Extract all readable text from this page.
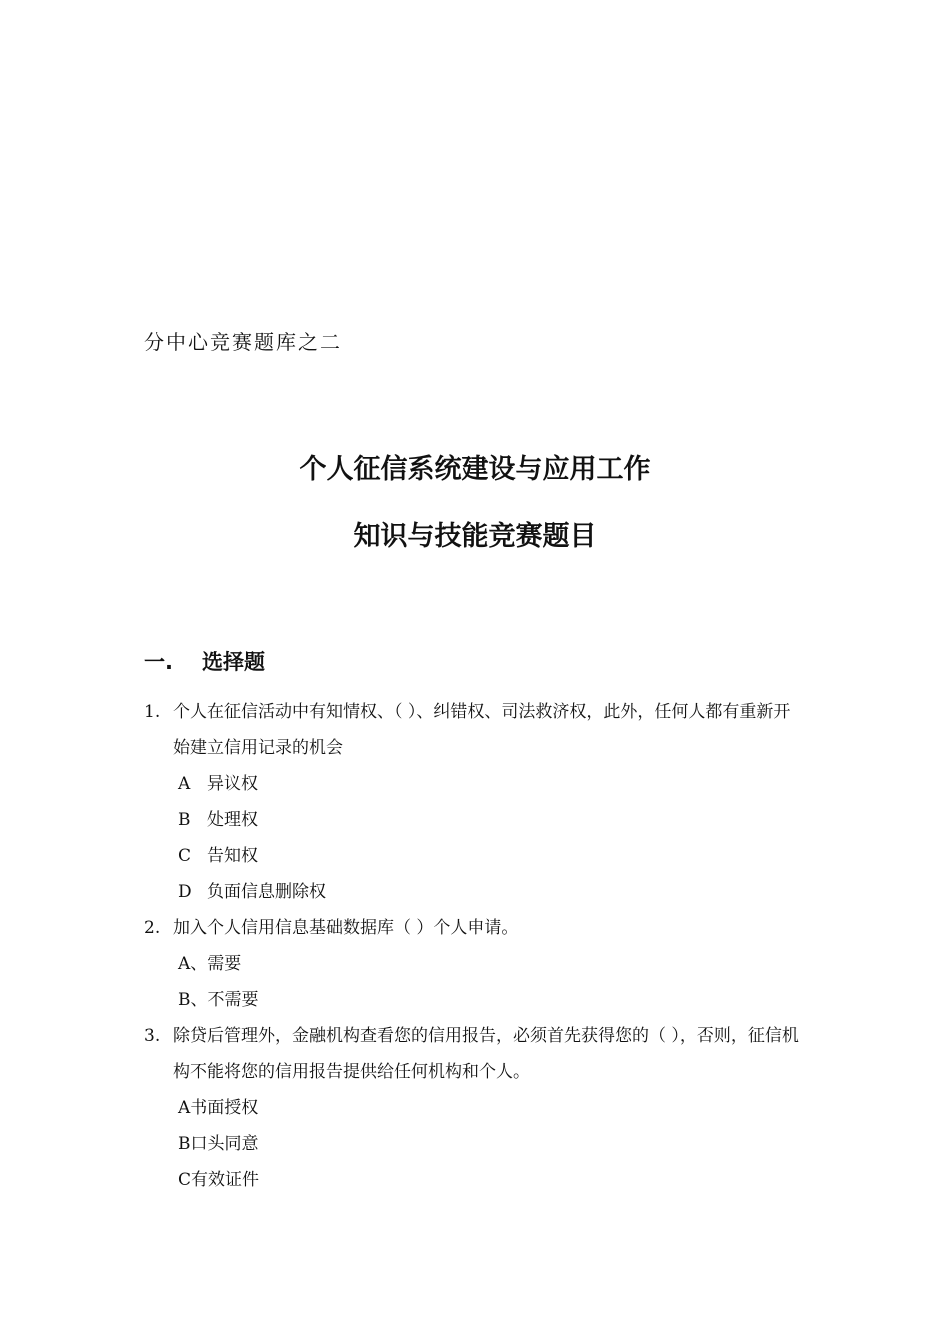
分中心竞赛题库之二
个人征信系统建设与应用工作
知识与技能竞赛题目
一. 选择题
1. 个人在征信活动中有知情权、（ ）、纠错权、司法救济权，此外，任何人都有重新开始建立信用记录的机会
A 异议权
B 处理权
C 告知权
D 负面信息删除权
2. 加入个人信用信息基础数据库（ ）个人申请。
A、需要
B、不需要
3. 除贷后管理外，金融机构查看您的信用报告，必须首先获得您的（ ），否则，征信机构不能将您的信用报告提供给任何机构和个人。
A书面授权
B口头同意
C有效证件
